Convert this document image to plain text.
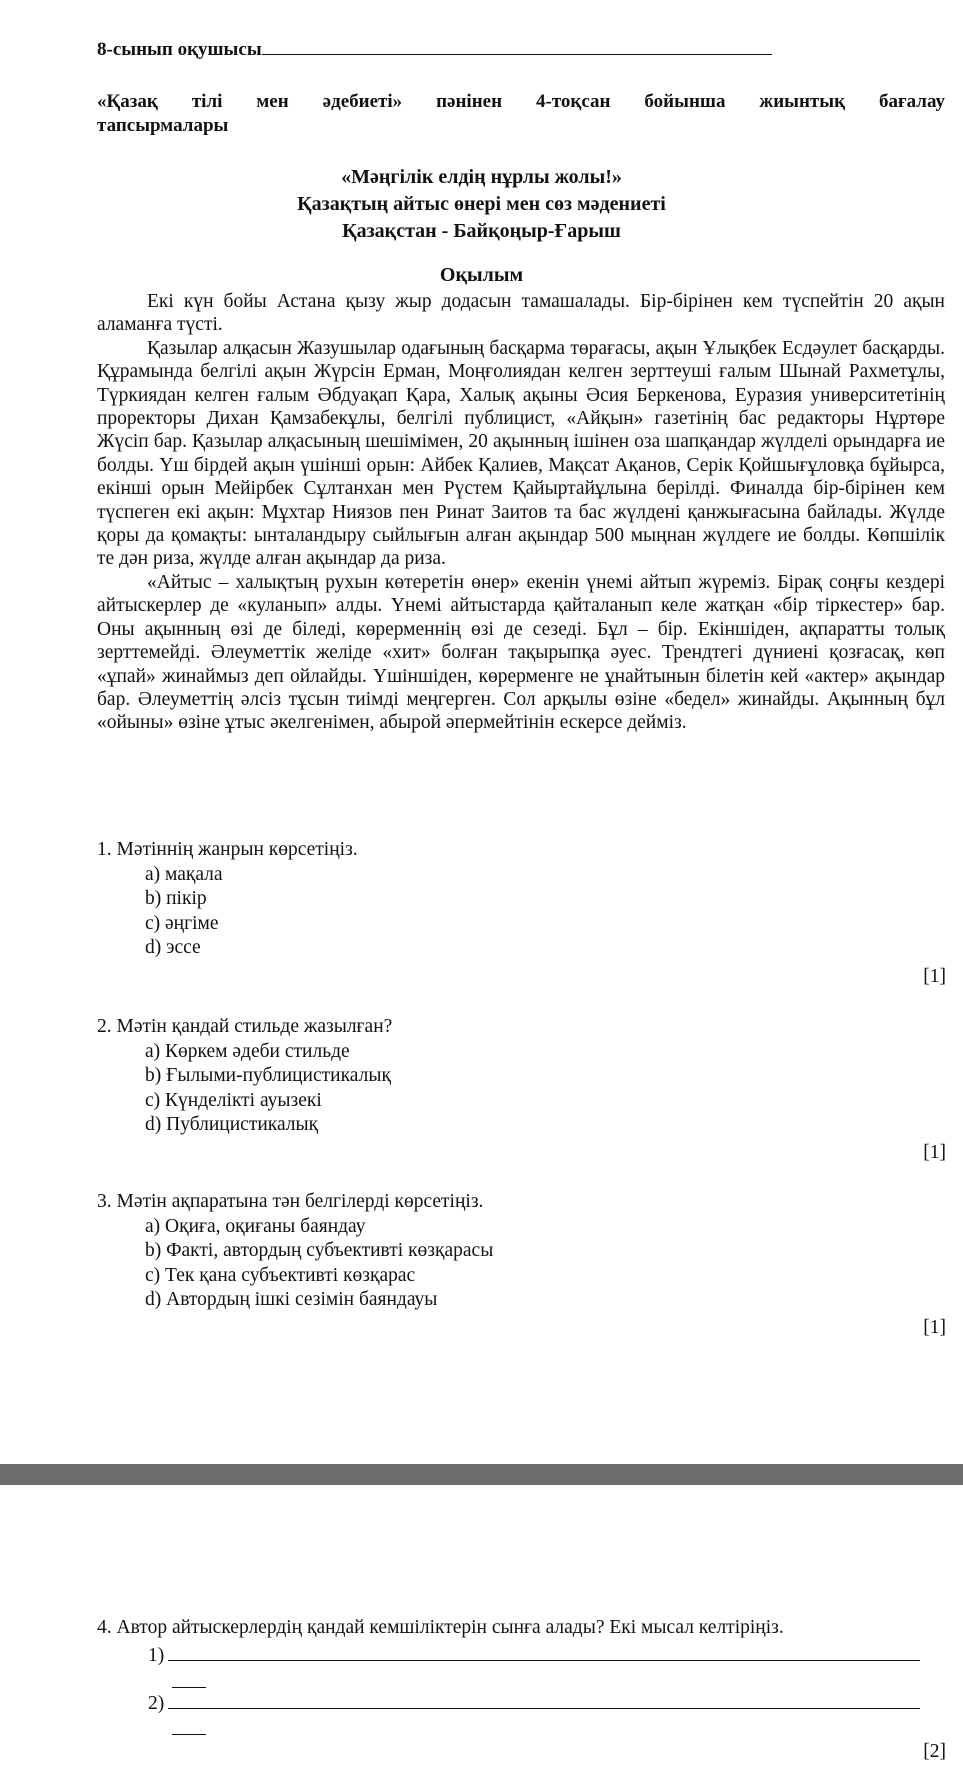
8-сынып оқушысы
«Қазақ тілі мен әдебиеті» пәнінен 4-тоқсан бойынша жиынтық бағалау
тапсырмалары
«Мәңгілік елдің нұрлы жолы!»
Қазақтың айтыс өнері мен сөз мәдениеті
Қазақстан - Байқоңыр-Ғарыш
Оқылым

Екі күн бойы Астана қызу жыр додасын тамашалады. Бір-бірінен кем түспейтін 20 ақын аламанға түсті.

Қазылар алқасын Жазушылар одағының басқарма төрағасы, ақын Ұлықбек Есдәулет басқарды. Құрамында белгілі ақын Жүрсін Ерман, Моңғолиядан келген зерттеуші ғалым Шынай Рахметұлы, Түркиядан келген ғалым Әбдуақап Қара, Халық ақыны Әсия Беркенова, Еуразия университетінің проректоры Дихан Қамзабекұлы, белгілі публицист, «Айқын» газетінің бас редакторы Нұртөре Жүсіп бар. Қазылар алқасының шешімімен, 20 ақынның ішінен оза шапқандар жүлделі орындарға ие болды. Үш бірдей ақын үшінші орын: Айбек Қалиев, Мақсат Ақанов, Серік Қойшығұловқа бұйырса, екінші орын Мейірбек Сұлтанхан мен Рүстем Қайыртайұлына берілді. Финалда бір-бірінен кем түспеген екі ақын: Мұхтар Ниязов пен Ринат Заитов та бас жүлдені қанжығасына байлады. Жүлде қоры да қомақты: ынталандыру сыйлығын алған ақындар 500 мыңнан жүлдеге ие болды. Көпшілік те дән риза, жүлде алған ақындар да риза.

«Айтыс – халықтың рухын көтеретін өнер» екенін үнемі айтып жүреміз. Бірақ соңғы кездері айтыскерлер де «куланып» алды. Үнемі айтыстарда қайталанып келе жатқан «бір тіркестер» бар. Оны ақынның өзі де біледі, көрерменнің өзі де сезеді. Бұл – бір. Екіншіден, ақпаратты толық зерттемейді. Әлеуметтік желіде «хит» болған тақырыпқа әуес. Трендтегі дүниені қозғасақ, көп «ұпай» жинаймыз деп ойлайды. Үшіншіден, көрерменге не ұнайтынын білетін кей «актер» ақындар бар. Әлеуметтің әлсіз тұсын тиімді меңгерген. Сол арқылы өзіне «бедел» жинайды. Ақынның бұл «ойыны» өзіне ұтыс әкелгенімен, абырой әпермейтінін ескерсе дейміз.

1. Мәтіннің жанрын көрсетіңіз.
a) мақала
b) пікір
c) әңгіме
d) эссе
[1]
2. Мәтін қандай стильде жазылған?
a) Көркем әдеби стильде
b) Ғылыми-публицистикалық
c) Күнделікті ауызекі
d) Публицистикалық
[1]
3. Мәтін ақпаратына тән белгілерді көрсетіңіз.
a) Оқиға, оқиғаны баяндау
b) Факті, автордың субъективті көзқарасы
c) Тек қана субъективті көзқарас
d) Автордың ішкі сезімін баяндауы
[1]
4. Автор айтыскерлердің қандай кемшіліктерін сынға алады? Екі мысал келтіріңіз.
1)
2)
[2]
